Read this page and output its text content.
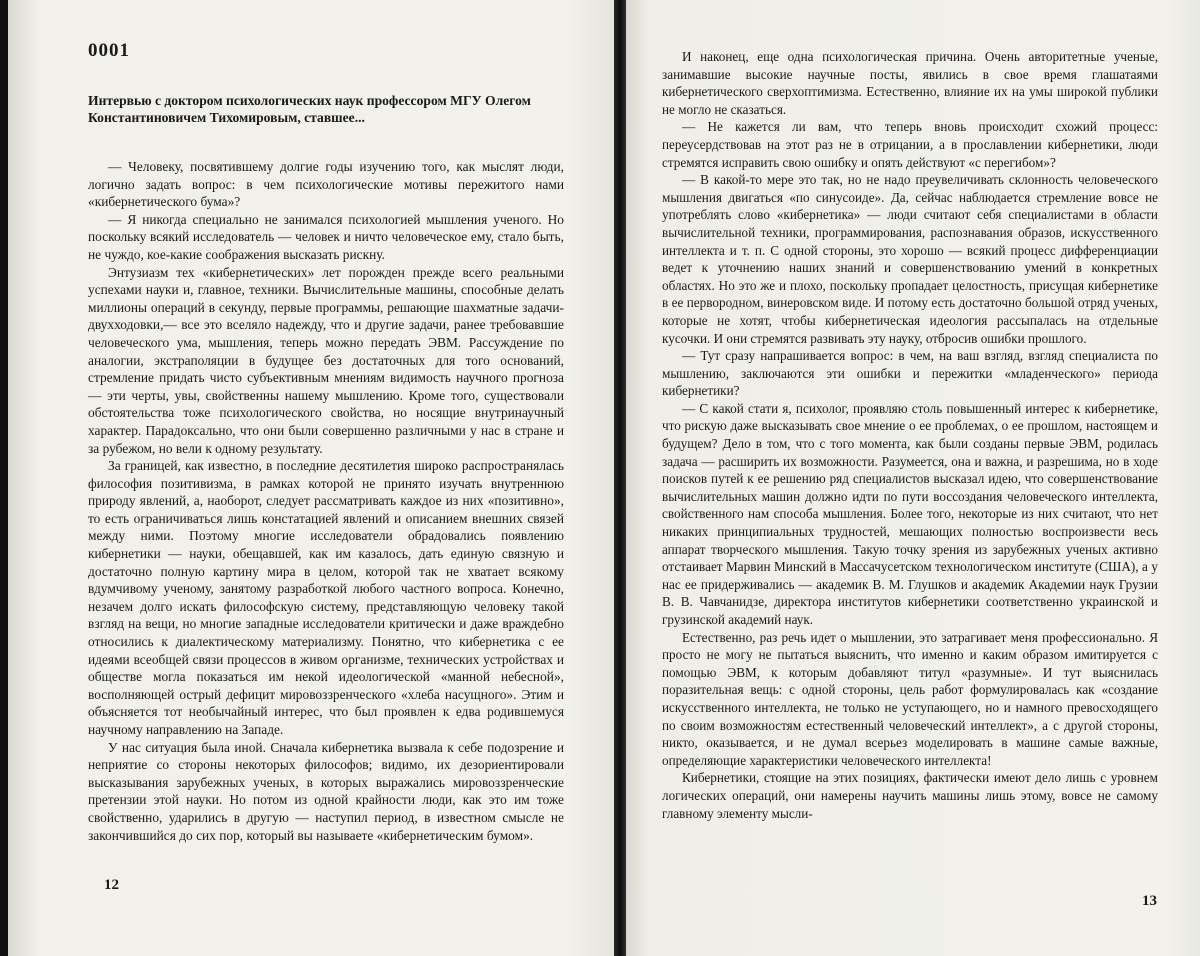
0001
Интервью с доктором психологических наук профессором МГУ Олегом Константиновичем Тихомировым, ставшее...

— Человеку, посвятившему долгие годы изучению того, как мыслят люди, логично задать вопрос: в чем психологические мотивы пережитого нами «кибернетического бума»?

— Я никогда специально не занимался психологией мышления ученого. Но поскольку всякий исследователь — человек и ничто человеческое ему, стало быть, не чуждо, кое-какие соображения высказать рискну.

Энтузиазм тех «кибернетических» лет порожден прежде всего реальными успехами науки и, главное, техники. Вычислительные машины, способные делать миллионы операций в секунду, первые программы, решающие шахматные задачи-двухходовки,— все это вселяло надежду, что и другие задачи, ранее требовавшие человеческого ума, мышления, теперь можно передать ЭВМ. Рассуждение по аналогии, экстраполяции в будущее без достаточных для того оснований, стремление придать чисто субъективным мнениям видимость научного прогноза — эти черты, увы, свойственны нашему мышлению. Кроме того, существовали обстоятельства тоже психологического свойства, но носящие внутринаучный характер. Парадоксально, что они были совершенно различными у нас в стране и за рубежом, но вели к одному результату.

За границей, как известно, в последние десятилетия широко распространялась философия позитивизма, в рамках которой не принято изучать внутреннюю природу явлений, а, наоборот, следует рассматривать каждое из них «позитивно», то есть ограничиваться лишь констатацией явлений и описанием внешних связей между ними. Поэтому многие исследователи обрадовались появлению кибернетики — науки, обещавшей, как им казалось, дать единую связную и достаточно полную картину мира в целом, которой так не хватает всякому вдумчивому ученому, занятому разработкой любого частного вопроса. Конечно, незачем долго искать философскую систему, представляющую человеку такой взгляд на вещи, но многие западные исследователи критически и даже враждебно относились к диалектическому материализму. Понятно, что кибернетика с ее идеями всеобщей связи процессов в живом организме, технических устройствах и обществе могла показаться им некой идеологической «манной небесной», восполняющей острый дефицит мировоззренческого «хлеба насущного». Этим и объясняется тот необычайный интерес, что был проявлен к едва родившемуся научному направлению на Западе.

У нас ситуация была иной. Сначала кибернетика вызвала к себе подозрение и неприятие со стороны некоторых философов; видимо, их дезориентировали высказывания зарубежных ученых, в которых выражались мировоззренческие претензии этой науки. Но потом из одной крайности люди, как это им тоже свойственно, ударились в другую — наступил период, в известном смысле не закончившийся до сих пор, который вы называете «кибернетическим бумом».

12

И наконец, еще одна психологическая причина. Очень авторитетные ученые, занимавшие высокие научные посты, явились в свое время глашатаями кибернетического сверхоптимизма. Естественно, влияние их на умы широкой публики не могло не сказаться.

— Не кажется ли вам, что теперь вновь происходит схожий процесс: переусердствовав на этот раз не в отрицании, а в прославлении кибернетики, люди стремятся исправить свою ошибку и опять действуют «с перегибом»?

— В какой-то мере это так, но не надо преувеличивать склонность человеческого мышления двигаться «по синусоиде». Да, сейчас наблюдается стремление вовсе не употреблять слово «кибернетика» — люди считают себя специалистами в области вычислительной техники, программирования, распознавания образов, искусственного интеллекта и т. п. С одной стороны, это хорошо — всякий процесс дифференциации ведет к уточнению наших знаний и совершенствованию умений в конкретных областях. Но это же и плохо, поскольку пропадает целостность, присущая кибернетике в ее первородном, винеровском виде. И потому есть достаточно большой отряд ученых, которые не хотят, чтобы кибернетическая идеология рассыпалась на отдельные кусочки. И они стремятся развивать эту науку, отбросив ошибки прошлого.

— Тут сразу напрашивается вопрос: в чем, на ваш взгляд, взгляд специалиста по мышлению, заключаются эти ошибки и пережитки «младенческого» периода кибернетики?

— С какой стати я, психолог, проявляю столь повышенный интерес к кибернетике, что рискую даже высказывать свое мнение о ее проблемах, о ее прошлом, настоящем и будущем? Дело в том, что с того момента, как были созданы первые ЭВМ, родилась задача — расширить их возможности. Разумеется, она и важна, и разрешима, но в ходе поисков путей к ее решению ряд специалистов высказал идею, что совершенствование вычислительных машин должно идти по пути воссоздания человеческого интеллекта, свойственного нам способа мышления. Более того, некоторые из них считают, что нет никаких принципиальных трудностей, мешающих полностью воспроизвести весь аппарат творческого мышления. Такую точку зрения из зарубежных ученых активно отстаивает Марвин Минский в Массачусетском технологическом институте (США), а у нас ее придерживались — академик В. М. Глушков и академик Академии наук Грузии В. В. Чавчанидзе, директора институтов кибернетики соответственно украинской и грузинской академий наук.

Естественно, раз речь идет о мышлении, это затрагивает меня профессионально. Я просто не могу не пытаться выяснить, что именно и каким образом имитируется с помощью ЭВМ, к которым добавляют титул «разумные». И тут выяснилась поразительная вещь: с одной стороны, цель работ формулировалась как «создание искусственного интеллекта, не только не уступающего, но и намного превосходящего по своим возможностям естественный человеческий интеллект», а с другой стороны, никто, оказывается, и не думал всерьез моделировать в машине самые важные, определяющие характеристики человеческого интеллекта!

Кибернетики, стоящие на этих позициях, фактически имеют дело лишь с уровнем логических операций, они намерены научить машины лишь этому, вовсе не самому главному элементу мысли-

13
